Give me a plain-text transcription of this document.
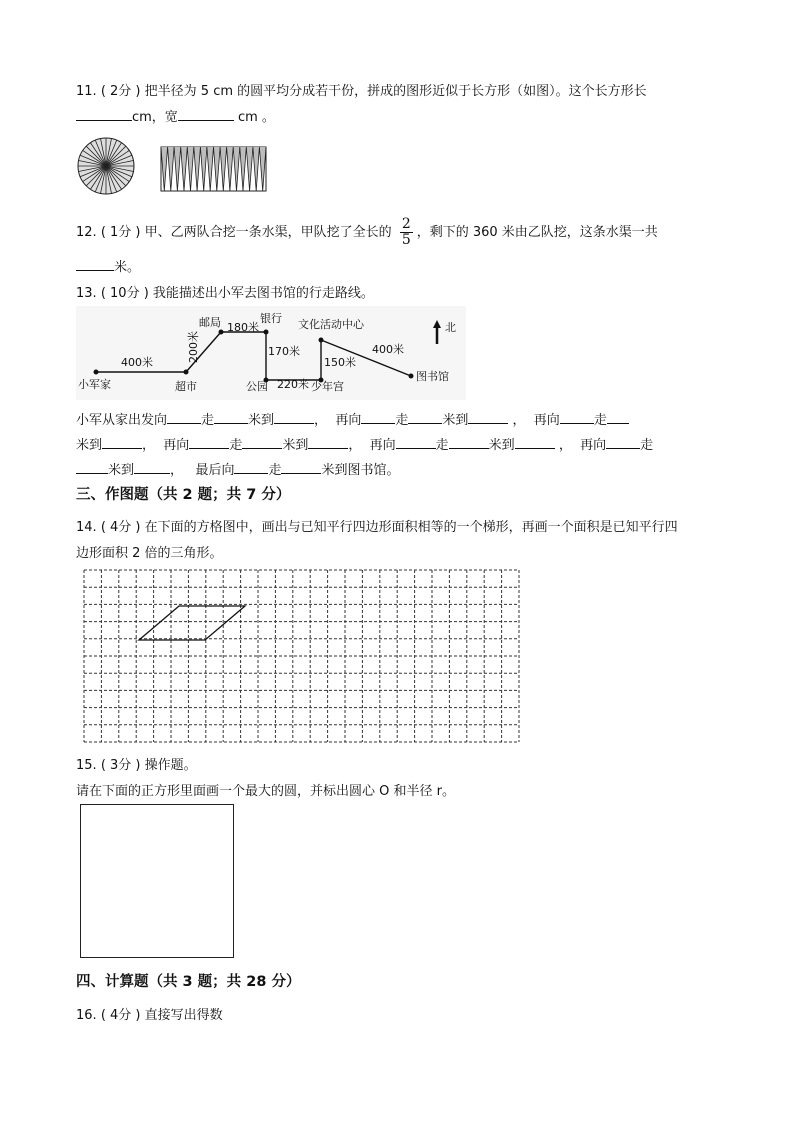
11. ( 2分 ) 把半径为 5 cm 的圆平均分成若干份，拼成的图形近似于长方形（如图）。这个长方形长
cm，宽	cm 。
12. ( 1分 ) 甲、乙两队合挖一条水渠，甲队挖了全长的 $\frac{2}{5}$ ，剩下的 360 米由乙队挖，这条水渠一共
米。
13. ( 10分 ) 我能描述出小军去图书馆的行走路线。
小军家	超市
邮局	银行
公园	少年宫
文化活动中心
图书馆
400米
180米
170米
220米
150米
400米
200米
北
小军从家出发向	走	米到	， 再向	走	米到	， 再向	走
米到	， 再向	走	米到	， 再向	走	米到	， 再向	走
米到	， 最后向	走	米到图书馆。
三、作图题（共 2 题；共 7 分）
14. ( 4分 ) 在下面的方格图中，画出与已知平行四边形面积相等的一个梯形，再画一个面积是已知平行四
边形面积 2 倍的三角形。
15. ( 3分 ) 操作题。
请在下面的正方形里面画一个最大的圆，并标出圆心 O 和半径 r。
四、计算题（共 3 题；共 28 分）
16. ( 4分 ) 直接写出得数
